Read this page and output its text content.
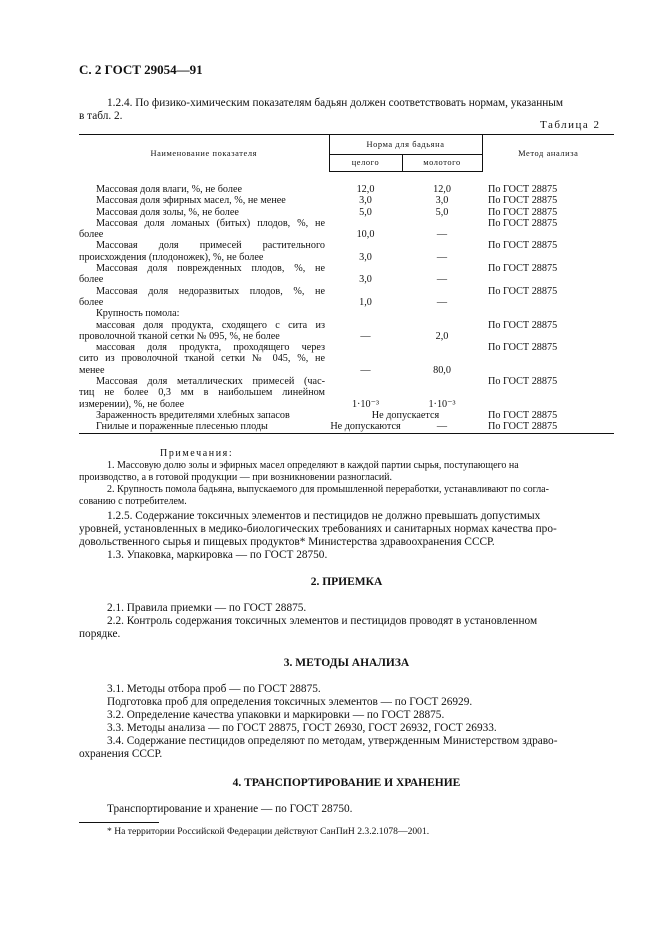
С. 2 ГОСТ 29054—91
1.2.4. По физико-химическим показателям бадьян должен соответствовать нормам, указанным
в табл. 2.
Таблица 2
Наименование показателя	Норма для бадьяна		Метод анализа
	целого	молотого	

Массовая доля влаги, %, не более	12,0	12,0	По ГОСТ 28875

Массовая доля эфирных масел, %, не менее	3,0	3,0	По ГОСТ 28875

Массовая доля золы, %, не более	5,0	5,0	По ГОСТ 28875

Массовая доля ломаных (битых) плодов, %, не
более	10,0	—	По ГОСТ 28875

Массовая доля примесей растительного
происхождения (плодоножек), %, не более	3,0	—	По ГОСТ 28875

Массовая доля поврежденных плодов, %, не
более	3,0	—	По ГОСТ 28875

Массовая доля недоразвитых плодов, %, не
более	1,0	—	По ГОСТ 28875

Крупность помола:			

массовая доля продукта, сходящего с сита из
проволочной тканой сетки № 095, %, не более	—	2,0	По ГОСТ 28875

массовая доля продукта, проходящего через
сито из проволочной тканой сетки № 045, %, не
менее	—	80,0	По ГОСТ 28875

Массовая доля металлических примесей (час-
тиц не более 0,3 мм в наибольшем линейном
измерении), %, не более	1·10⁻³	1·10⁻³	По ГОСТ 28875

Зараженность вредителями хлебных запасов	Не допускается		По ГОСТ 28875

Гнилые и пораженные плесенью плоды	Не допускаются	—	По ГОСТ 28875
Примечания:
1. Массовую долю золы и эфирных масел определяют в каждой партии сырья, поступающего на
производство, а в готовой продукции — при возникновении разногласий.
2. Крупность помола бадьяна, выпускаемого для промышленной переработки, устанавливают по согла-
сованию с потребителем.
1.2.5. Содержание токсичных элементов и пестицидов не должно превышать допустимых
уровней, установленных в медико-биологических требованиях и санитарных нормах качества про-
довольственного сырья и пищевых продуктов* Министерства здравоохранения СССР.
1.3. Упаковка, маркировка — по ГОСТ 28750.
2. ПРИЕМКА
2.1. Правила приемки — по ГОСТ 28875.
2.2. Контроль содержания токсичных элементов и пестицидов проводят в установленном
порядке.
3. МЕТОДЫ АНАЛИЗА
3.1. Методы отбора проб — по ГОСТ 28875.
Подготовка проб для определения токсичных элементов — по ГОСТ 26929.
3.2. Определение качества упаковки и маркировки — по ГОСТ 28875.
3.3. Методы анализа — по ГОСТ 28875, ГОСТ 26930, ГОСТ 26932, ГОСТ 26933.
3.4. Содержание пестицидов определяют по методам, утвержденным Министерством здраво-
охранения СССР.
4. ТРАНСПОРТИРОВАНИЕ И ХРАНЕНИЕ
Транспортирование и хранение — по ГОСТ 28750.
* На территории Российской Федерации действуют СанПиН 2.3.2.1078—2001.
